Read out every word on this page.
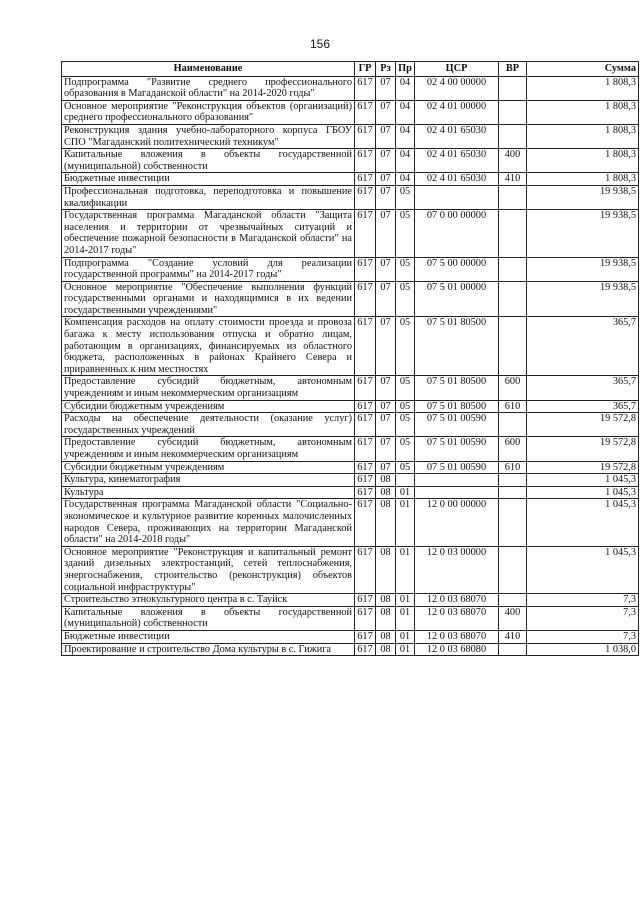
156
Наименование	ГР	Рз	Пр	ЦСР	ВР	Сумма
Подпрограмма "Развитие среднего профессионального образования в Магаданской области" на 2014-2020 годы"	617	07	04	02 4 00 00000		1 808,3
Основное мероприятие "Реконструкция объектов (организаций) среднего профессионального образования"	617	07	04	02 4 01 00000		1 808,3
Реконструкция здания учебно-лабораторного корпуса ГБОУ СПО "Магаданский политехнический техникум"	617	07	04	02 4 01 65030		1 808,3
Капитальные вложения в объекты государственной (муниципальной) собственности	617	07	04	02 4 01 65030	400	1 808,3
Бюджетные инвестиции	617	07	04	02 4 01 65030	410	1 808,3
Профессиональная подготовка, переподготовка и повышение квалификации	617	07	05			19 938,5
Государственная программа Магаданской области "Защита населения и территории от чрезвычайных ситуаций и обеспечение пожарной безопасности в Магаданской области" на 2014-2017 годы"	617	07	05	07 0 00 00000		19 938,5
Подпрограмма "Создание условий для реализации государственной программы" на 2014-2017 годы"	617	07	05	07 5 00 00000		19 938,5
Основное мероприятие "Обеспечение выполнения функций государственными органами и находящимися в их ведении государственными учреждениями"	617	07	05	07 5 01 00000		19 938,5
Компенсация расходов на оплату стоимости проезда и провоза багажа к месту использования отпуска и обратно лицам, работающим в организациях, финансируемых из областного бюджета, расположенных в районах Крайнего Севера и приравненных к ним местностях	617	07	05	07 5 01 80500		365,7
Предоставление субсидий бюджетным, автономным учреждениям и иным некоммерческим организациям	617	07	05	07 5 01 80500	600	365,7
Субсидии бюджетным учреждениям	617	07	05	07 5 01 80500	610	365,7
Расходы на обеспечение деятельности (оказание услуг) государственных учреждений	617	07	05	07 5 01 00590		19 572,8
Предоставление субсидий бюджетным, автономным учреждениям и иным некоммерческим организациям	617	07	05	07 5 01 00590	600	19 572,8
Субсидии бюджетным учреждениям	617	07	05	07 5 01 00590	610	19 572,8
Культура, кинематография	617	08				1 045,3
Культура	617	08	01			1 045,3
Государственная программа Магаданской области "Социально-экономическое и культурное развитие коренных малочисленных народов Севера, проживающих на территории Магаданской области" на 2014-2018 годы"	617	08	01	12 0 00 00000		1 045,3
Основное мероприятие "Реконструкция и капитальный ремонт зданий дизельных электростанций, сетей теплоснабжения, энергоснабжения, строительство (реконструкция) объектов социальной инфраструктуры"	617	08	01	12 0 03 00000		1 045,3
Строительство этнокультурного центра в с. Тауйск	617	08	01	12 0 03 68070		7,3
Капитальные вложения в объекты государственной (муниципальной) собственности	617	08	01	12 0 03 68070	400	7,3
Бюджетные инвестиции	617	08	01	12 0 03 68070	410	7,3
Проектирование и строительство Дома культуры в с. Гижига	617	08	01	12 0 03 68080		1 038,0
